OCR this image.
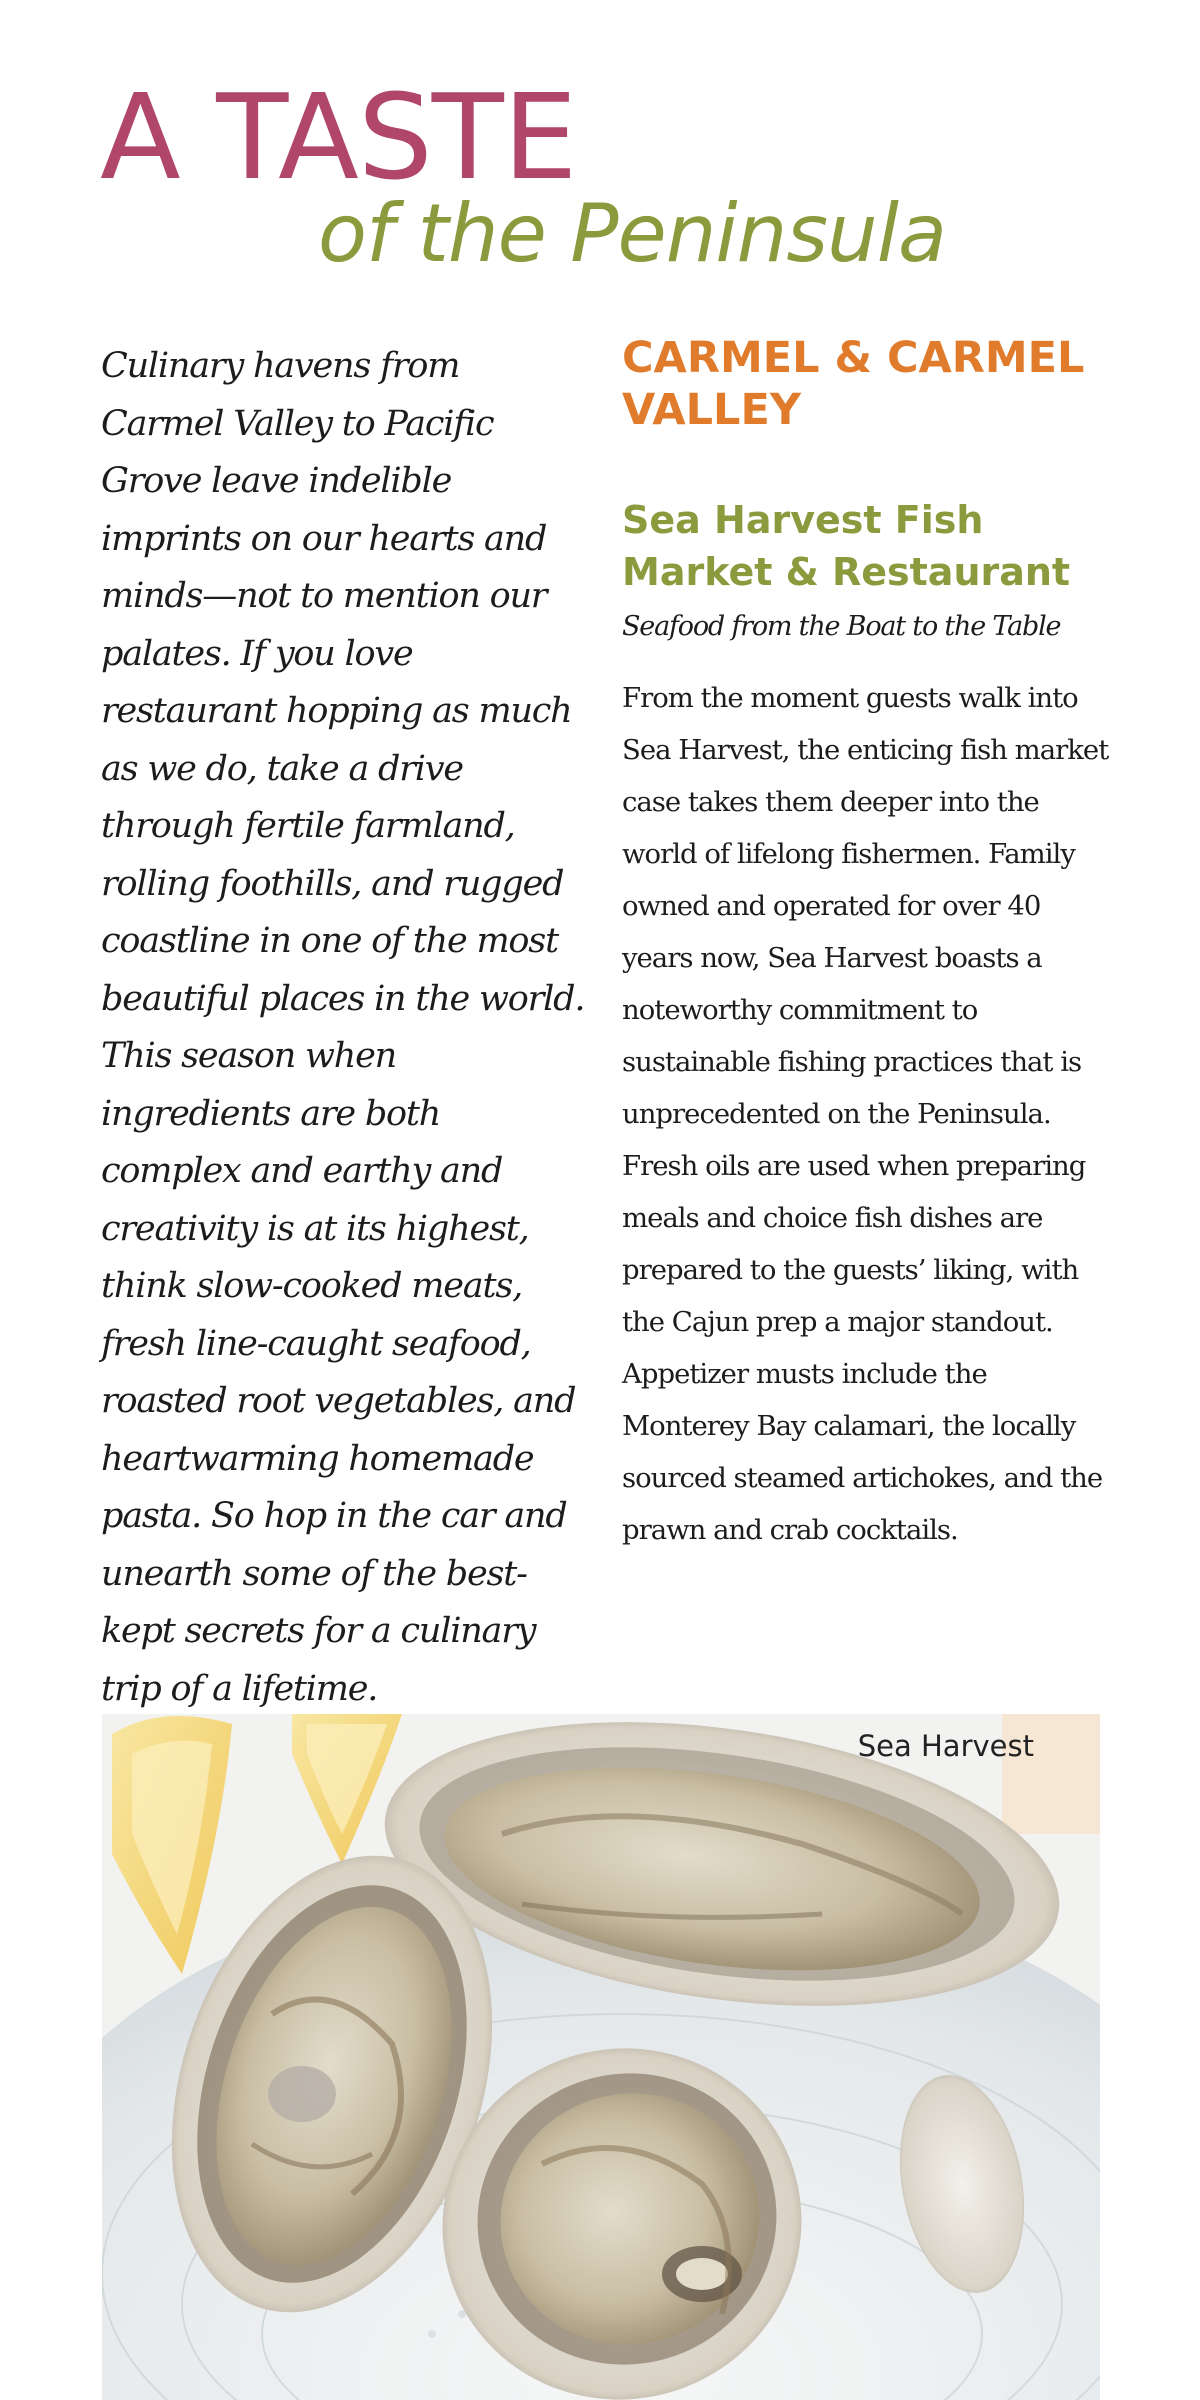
A TASTE
of the Peninsula

Culinary havens from Carmel Valley to Pacific Grove leave indelible imprints on our hearts and minds—not to mention our palates. If you love restaurant hopping as much as we do, take a drive through fertile farmland, rolling foothills, and rugged coastline in one of the most beautiful places in the world. This season when ingredients are both complex and earthy and creativity is at its highest, think slow-cooked meats, fresh line-caught seafood, roasted root vegetables, and heartwarming homemade pasta. So hop in the car and unearth some of the best-kept secrets for a culinary trip of a lifetime.

CARMEL & CARMEL VALLEY
Sea Harvest Fish Market & Restaurant

Seafood from the Boat to the Table

From the moment guests walk into Sea Harvest, the enticing fish market case takes them deeper into the world of lifelong fishermen. Family owned and operated for over 40 years now, Sea Harvest boasts a noteworthy commitment to sustainable fishing practices that is unprecedented on the Peninsula. Fresh oils are used when preparing meals and choice fish dishes are prepared to the guests’ liking, with the Cajun prep a major standout. Appetizer musts include the Monterey Bay calamari, the locally sourced steamed artichokes, and the prawn and crab cocktails.

Sea Harvest
